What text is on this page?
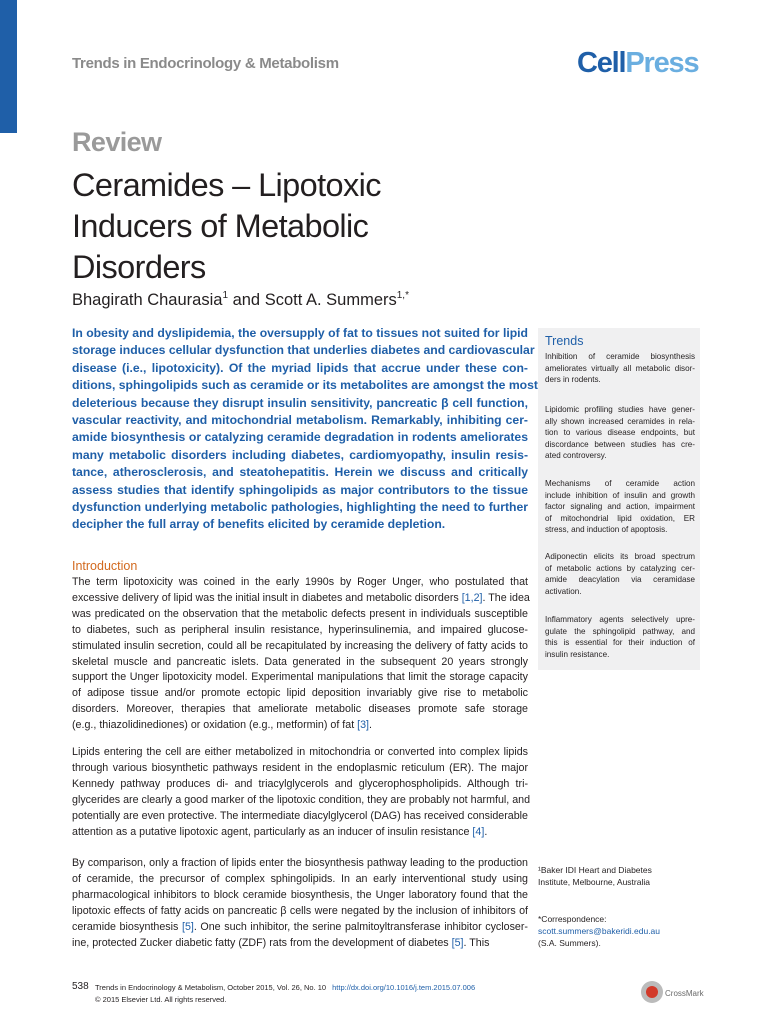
Trends in Endocrinology & Metabolism	CellPress
Review
Ceramides – Lipotoxic
Inducers of Metabolic
Disorders
Bhagirath Chaurasia$^1$ and Scott A. Summers$^{1,*}$
In obesity and dyslipidemia, the oversupply of fat to tissues not suited for lipid
storage induces cellular dysfunction that underlies diabetes and cardiovascular
disease (i.e., lipotoxicity). Of the myriad lipids that accrue under these con-
ditions, sphingolipids such as ceramide or its metabolites are amongst the most
deleterious because they disrupt insulin sensitivity, pancreatic β cell function,
vascular reactivity, and mitochondrial metabolism. Remarkably, inhibiting cer-
amide biosynthesis or catalyzing ceramide degradation in rodents ameliorates
many metabolic disorders including diabetes, cardiomyopathy, insulin resis-
tance, atherosclerosis, and steatohepatitis. Herein we discuss and critically
assess studies that identify sphingolipids as major contributors to the tissue
dysfunction underlying metabolic pathologies, highlighting the need to further
decipher the full array of benefits elicited by ceramide depletion.
Introduction
The term lipotoxicity was coined in the early 1990s by Roger Unger, who postulated that
excessive delivery of lipid was the initial insult in diabetes and metabolic disorders [1,2]. The idea
was predicated on the observation that the metabolic defects present in individuals susceptible
to diabetes, such as peripheral insulin resistance, hyperinsulinemia, and impaired glucose-
stimulated insulin secretion, could all be recapitulated by increasing the delivery of fatty acids to
skeletal muscle and pancreatic islets. Data generated in the subsequent 20 years strongly
support the Unger lipotoxicity model. Experimental manipulations that limit the storage capacity
of adipose tissue and/or promote ectopic lipid deposition invariably give rise to metabolic
disorders. Moreover, therapies that ameliorate metabolic diseases promote safe storage
(e.g., thiazolidinediones) or oxidation (e.g., metformin) of fat [3].
Lipids entering the cell are either metabolized in mitochondria or converted into complex lipids
through various biosynthetic pathways resident in the endoplasmic reticulum (ER). The major
Kennedy pathway produces di- and triacylglycerols and glycerophospholipids. Although tri-
glycerides are clearly a good marker of the lipotoxic condition, they are probably not harmful, and
potentially are even protective. The intermediate diacylglycerol (DAG) has received considerable
attention as a putative lipotoxic agent, particularly as an inducer of insulin resistance [4].
By comparison, only a fraction of lipids enter the biosynthesis pathway leading to the production
of ceramide, the precursor of complex sphingolipids. In an early interventional study using
pharmacological inhibitors to block ceramide biosynthesis, the Unger laboratory found that the
lipotoxic effects of fatty acids on pancreatic β cells were negated by the inclusion of inhibitors of
ceramide biosynthesis [5]. One such inhibitor, the serine palmitoyltransferase inhibitor cycloser-
ine, protected Zucker diabetic fatty (ZDF) rats from the development of diabetes [5]. This
Trends
Inhibition of ceramide biosynthesis
ameliorates virtually all metabolic disor-
ders in rodents.
Lipidomic profiling studies have gener-
ally shown increased ceramides in rela-
tion to various disease endpoints, but
discordance between studies has cre-
ated controversy.
Mechanisms of ceramide action
include inhibition of insulin and growth
factor signaling and action, impairment
of mitochondrial lipid oxidation, ER
stress, and induction of apoptosis.
Adiponectin elicits its broad spectrum
of metabolic actions by catalyzing cer-
amide deacylation via ceramidase
activation.
Inflammatory agents selectively upre-
gulate the sphingolipid pathway, and
this is essential for their induction of
insulin resistance.
¹Baker IDI Heart and Diabetes
Institute, Melbourne, Australia
*Correspondence:
scott.summers@bakeridi.edu.au
(S.A. Summers).
538 Trends in Endocrinology & Metabolism, October 2015, Vol. 26, No. 10 http://dx.doi.org/10.1016/j.tem.2015.07.006
© 2015 Elsevier Ltd. All rights reserved.
CrossMark
